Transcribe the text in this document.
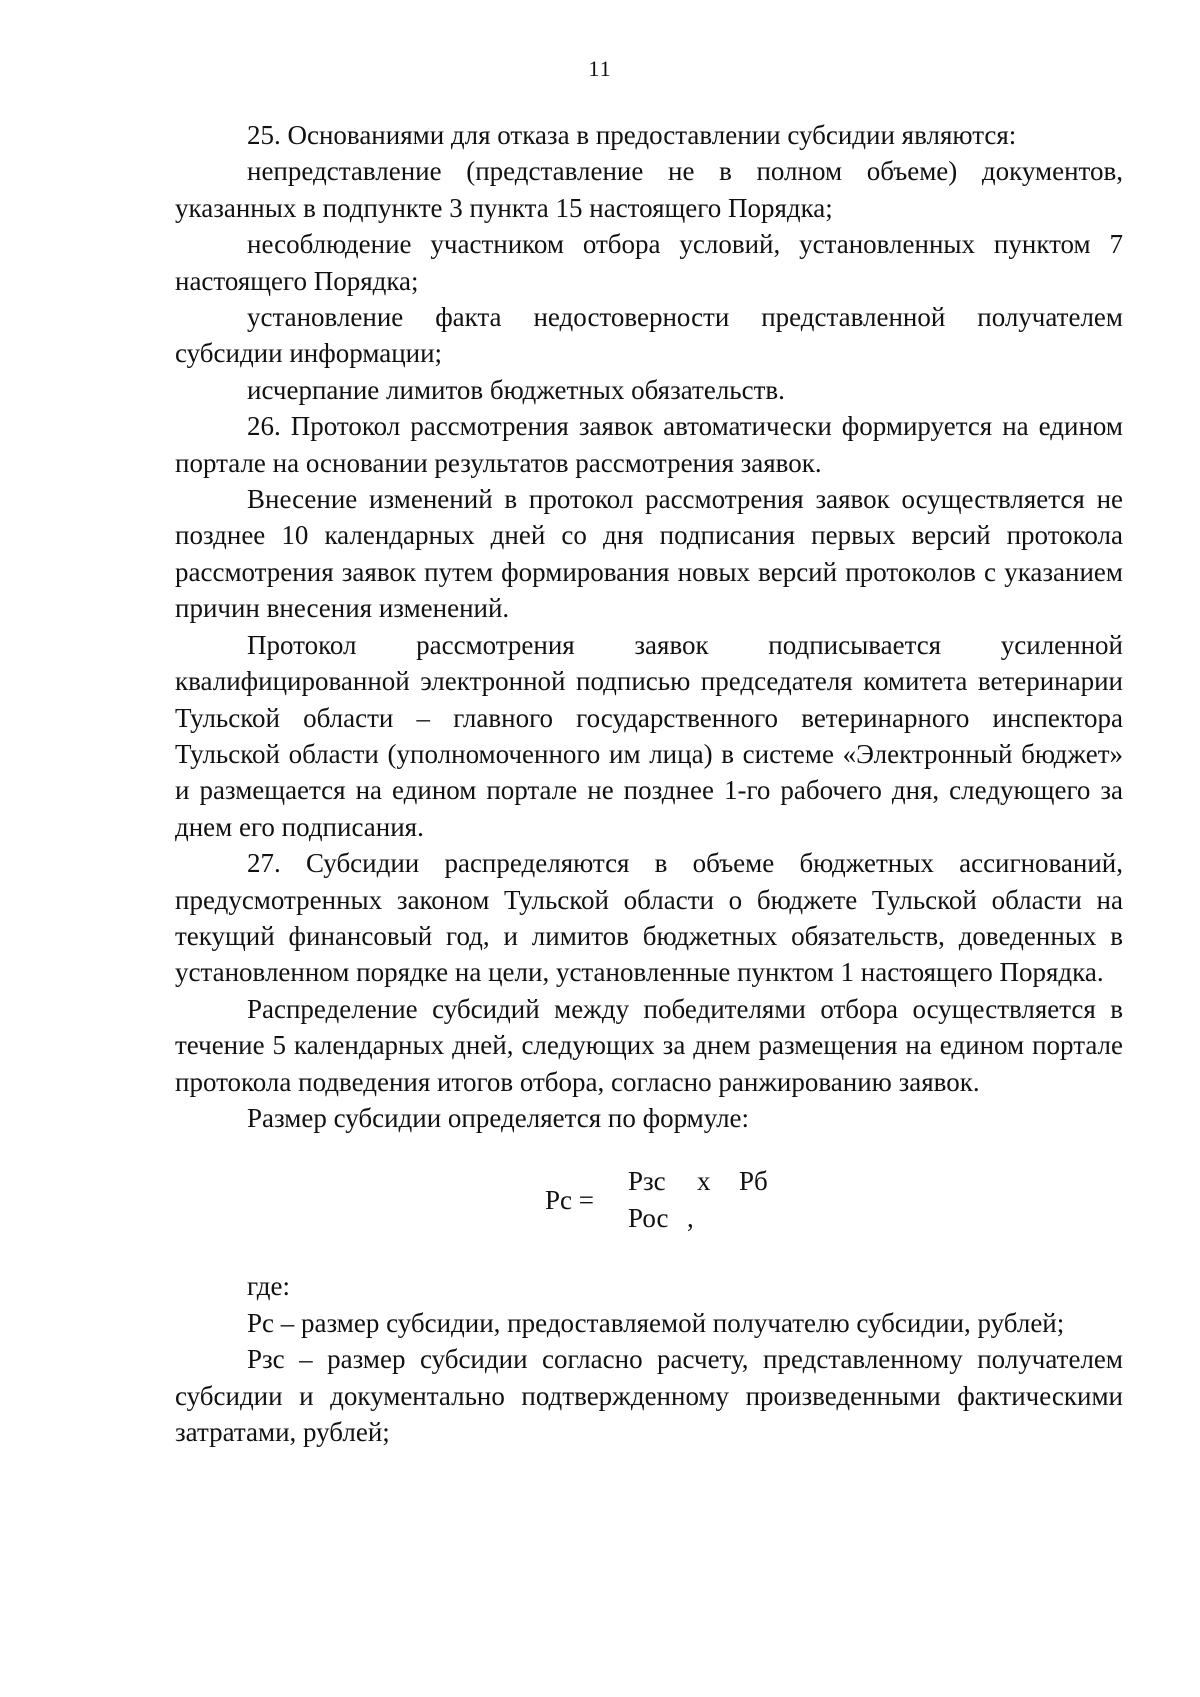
11

25. Основаниями для отказа в предоставлении субсидии являются:

непредставление (представление не в полном объеме) документов, указанных в подпункте 3 пункта 15 настоящего Порядка;

несоблюдение участником отбора условий, установленных пунктом 7 настоящего Порядка;

установление факта недостоверности представленной получателем субсидии информации;

исчерпание лимитов бюджетных обязательств.

26. Протокол рассмотрения заявок автоматически формируется на едином портале на основании результатов рассмотрения заявок.

Внесение изменений в протокол рассмотрения заявок осуществляется не позднее 10 календарных дней со дня подписания первых версий протокола рассмотрения заявок путем формирования новых версий протоколов с указанием причин внесения изменений.

Протокол рассмотрения заявок подписывается усиленной квалифицированной электронной подписью председателя комитета ветеринарии Тульской области – главного государственного ветеринарного инспектора Тульской области (уполномоченного им лица) в системе «Электронный бюджет» и размещается на едином портале не позднее 1-го рабочего дня, следующего за днем его подписания.

27. Субсидии распределяются в объеме бюджетных ассигнований, предусмотренных законом Тульской области о бюджете Тульской области на текущий финансовый год, и лимитов бюджетных обязательств, доведенных в установленном порядке на цели, установленные пунктом 1 настоящего Порядка.

Распределение субсидий между победителями отбора осуществляется в течение 5 календарных дней, следующих за днем размещения на едином портале протокола подведения итогов отбора, согласно ранжированию заявок.

Размер субсидии определяется по формуле:

Рс =
Рзс х Рб
Рос ,

где:

Рс – размер субсидии, предоставляемой получателю субсидии, рублей;

Рзс – размер субсидии согласно расчету, представленному получателем субсидии и документально подтвержденному произведенными фактическими затратами, рублей;
